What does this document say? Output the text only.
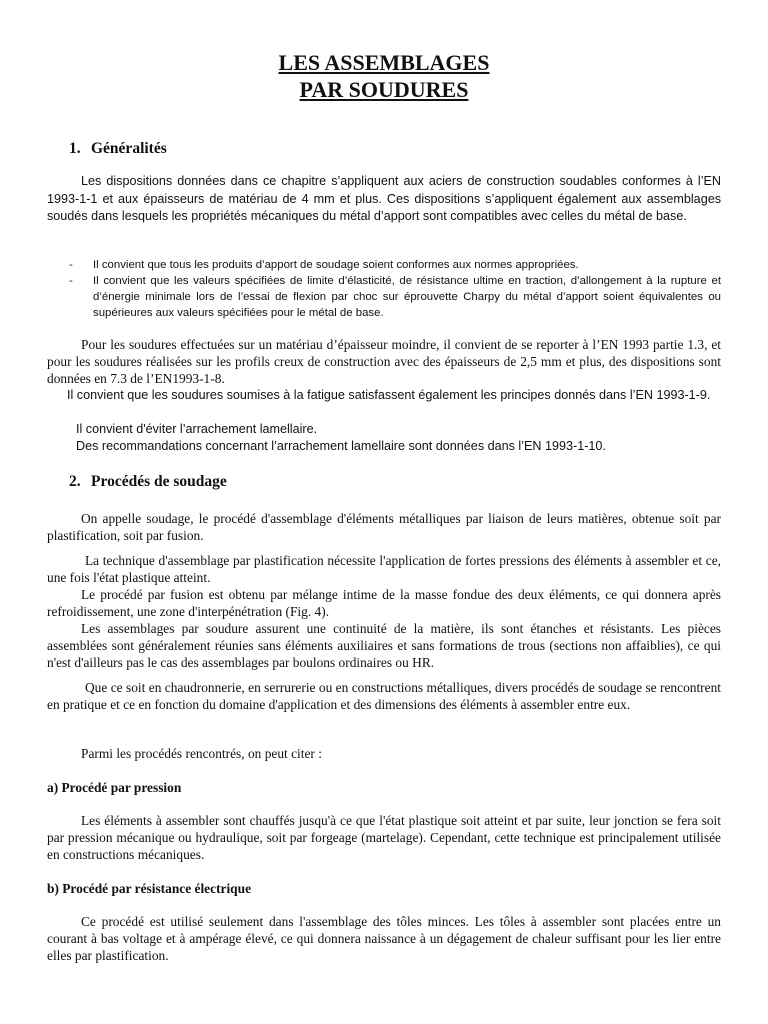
LES ASSEMBLAGES
PAR SOUDURES
1. Généralités

Les dispositions données dans ce chapitre s’appliquent aux aciers de construction soudables conformes à l’EN 1993-1-1 et aux épaisseurs de matériau de 4 mm et plus. Ces dispositions s’appliquent également aux assemblages soudés dans lesquels les propriétés mécaniques du métal d’apport sont compatibles avec celles du métal de base.

- Il convient que tous les produits d’apport de soudage soient conformes aux normes appropriées.
- Il convient que les valeurs spécifiées de limite d’élasticité, de résistance ultime en traction, d’allongement à la rupture et d’énergie minimale lors de l’essai de flexion par choc sur éprouvette Charpy du métal d’apport soient équivalentes ou supérieures aux valeurs spécifiées pour le métal de base.

Pour les soudures effectuées sur un matériau d’épaisseur moindre, il convient de se reporter à l’EN 1993 partie 1.3, et pour les soudures réalisées sur les profils creux de construction avec des épaisseurs de 2,5 mm et plus, des dispositions sont données en 7.3 de l’EN1993-1-8.

Il convient que les soudures soumises à la fatigue satisfassent également les principes donnés dans l’EN 1993-1-9.

Il convient d'éviter l’arrachement lamellaire.

Des recommandations concernant l’arrachement lamellaire sont données dans l’EN 1993-1-10.

2. Procédés de soudage

On appelle soudage, le procédé d'assemblage d'éléments métalliques par liaison de leurs matières, obtenue soit par plastification, soit par fusion.

La technique d'assemblage par plastification nécessite l'application de fortes pressions des éléments à assembler et ce, une fois l'état plastique atteint.

Le procédé par fusion est obtenu par mélange intime de la masse fondue des deux éléments, ce qui donnera après refroidissement, une zone d'interpénétration (Fig. 4).

Les assemblages par soudure assurent une continuité de la matière, ils sont étanches et résistants. Les pièces assemblées sont généralement réunies sans éléments auxiliaires et sans formations de trous (sections non affaiblies), ce qui n'est d'ailleurs pas le cas des assemblages par boulons ordinaires ou HR.

Que ce soit en chaudronnerie, en serrurerie ou en constructions métalliques, divers procédés de soudage se rencontrent en pratique et ce en fonction du domaine d'application et des dimensions des éléments à assembler entre eux.

Parmi les procédés rencontrés, on peut citer :

a) Procédé par pression

Les éléments à assembler sont chauffés jusqu'à ce que l'état plastique soit atteint et par suite, leur jonction se fera soit par pression mécanique ou hydraulique, soit par forgeage (martelage). Cependant, cette technique est principalement utilisée en constructions mécaniques.

b) Procédé par résistance électrique

Ce procédé est utilisé seulement dans l'assemblage des tôles minces. Les tôles à assembler sont placées entre un courant à bas voltage et à ampérage élevé, ce qui donnera naissance à un dégagement de chaleur suffisant pour les lier entre elles par plastification.
